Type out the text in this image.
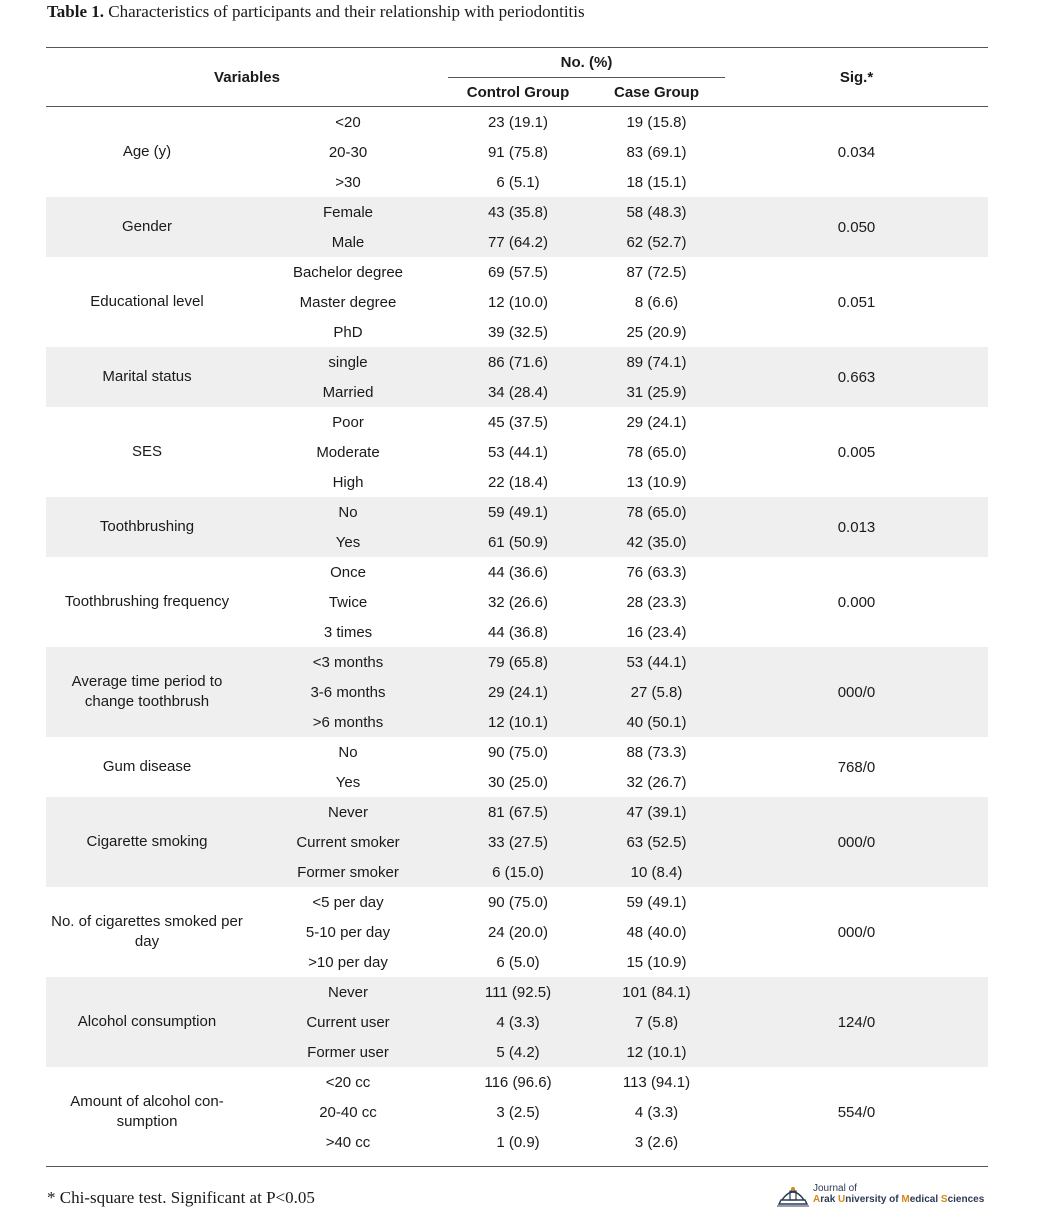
Table 1. Characteristics of participants and their relationship with periodontitis
Variables
No. (%)
Control Group	Case Group
Sig.*
Age (y)
<20	23 (19.1)	19 (15.8)
20-30	91 (75.8)	83 (69.1)
>30	6 (5.1)	18 (15.1)
0.034
Gender
Female	43 (35.8)	58 (48.3)
Male	77 (64.2)	62 (52.7)
0.050
Educational level
Bachelor degree	69 (57.5)	87 (72.5)
Master degree	12 (10.0)	8 (6.6)
PhD	39 (32.5)	25 (20.9)
0.051
Marital status
single	86 (71.6)	89 (74.1)
Married	34 (28.4)	31 (25.9)
0.663
SES
Poor	45 (37.5)	29 (24.1)
Moderate	53 (44.1)	78 (65.0)
High	22 (18.4)	13 (10.9)
0.005
Toothbrushing
No	59 (49.1)	78 (65.0)
Yes	61 (50.9)	42 (35.0)
0.013
Toothbrushing frequency
Once	44 (36.6)	76 (63.3)
Twice	32 (26.6)	28 (23.3)
3 times	44 (36.8)	16 (23.4)
0.000
Average time period to change toothbrush
<3 months	79 (65.8)	53 (44.1)
3-6 months	29 (24.1)	27 (5.8)
>6 months	12 (10.1)	40 (50.1)
000/0
Gum disease
No	90 (75.0)	88 (73.3)
Yes	30 (25.0)	32 (26.7)
768/0
Cigarette smoking
Never	81 (67.5)	47 (39.1)
Current smoker	33 (27.5)	63 (52.5)
Former smoker	6 (15.0)	10 (8.4)
000/0
No. of cigarettes smoked per day
<5 per day	90 (75.0)	59 (49.1)
5-10 per day	24 (20.0)	48 (40.0)
>10 per day	6 (5.0)	15 (10.9)
000/0
Alcohol consumption
Never	111 (92.5)	101 (84.1)
Current user	4 (3.3)	7 (5.8)
Former user	5 (4.2)	12 (10.1)
124/0
Amount of alcohol con-sumption
<20 cc	116 (96.6)	113 (94.1)
20-40 cc	3 (2.5)	4 (3.3)
>40 cc	1 (0.9)	3 (2.6)
554/0
* Chi-square test. Significant at P<0.05	Journal of
Arak University of Medical Sciences
